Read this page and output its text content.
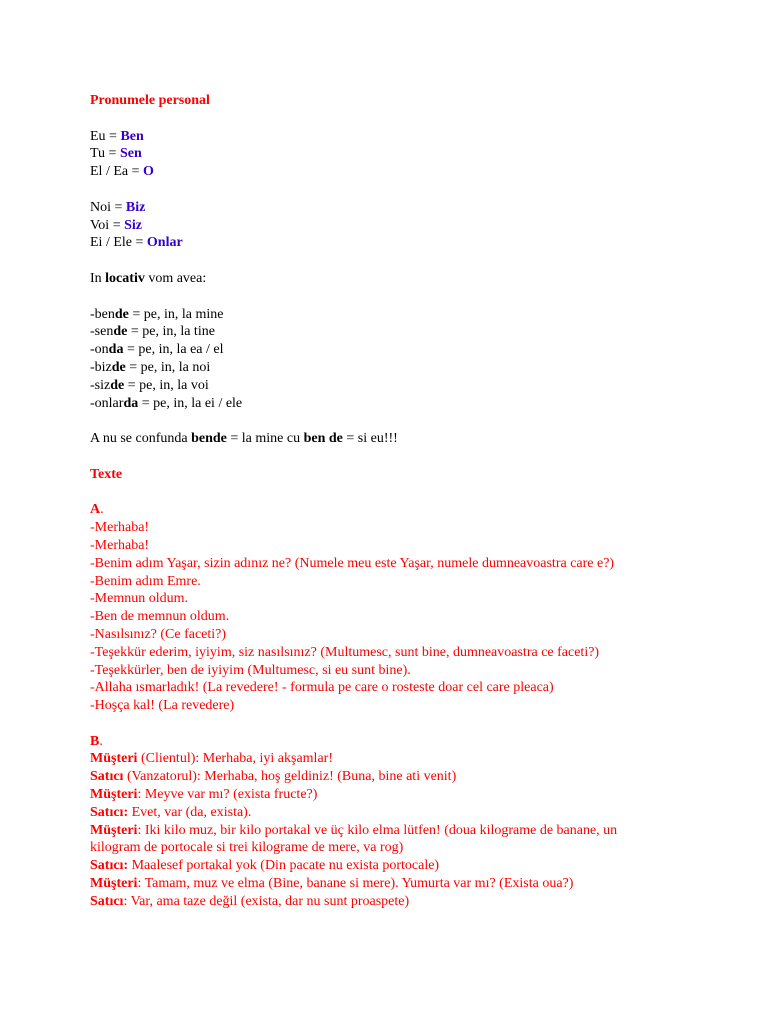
Pronumele personal
Eu = Ben
Tu = Sen
El / Ea = O
Noi = Biz
Voi = Siz
Ei / Ele = Onlar
In locativ vom avea:
-bende = pe, in, la mine
-sende = pe, in, la tine
-onda = pe, in, la ea / el
-bizde = pe, in, la noi
-sizde = pe, in, la voi
-onlarda = pe, in, la ei / ele
A nu se confunda bende = la mine cu ben de = si eu!!!
Texte
A.
-Merhaba!
-Merhaba!
-Benim adım Yaşar, sizin adınız ne? (Numele meu este Yaşar, numele dumneavoastra care e?)
-Benim adım Emre.
-Memnun oldum.
-Ben de memnun oldum.
-Nasılsınız? (Ce faceti?)
-Teşekkür ederim, iyiyim, siz nasılsınız? (Multumesc, sunt bine, dumneavoastra ce faceti?)
-Teşekkürler, ben de iyiyim (Multumesc, si eu sunt bine).
-Allaha ısmarladık! (La revedere! - formula pe care o rosteste doar cel care pleaca)
-Hoşça kal! (La revedere)
B.
Müşteri (Clientul): Merhaba, iyi akşamlar!
Satıcı (Vanzatorul): Merhaba, hoş geldiniz! (Buna, bine ati venit)
Müşteri: Meyve var mı? (exista fructe?)
Satıcı: Evet, var (da, exista).
Müşteri: Iki kilo muz, bir kilo portakal ve üç kilo elma lütfen! (doua kilograme de banane, un kilogram de portocale si trei kilograme de mere, va rog)
Satıcı: Maalesef portakal yok (Din pacate nu exista portocale)
Müşteri: Tamam, muz ve elma (Bine, banane si mere). Yumurta var mı? (Exista oua?)
Satıcı: Var, ama taze değil (exista, dar nu sunt proaspete)
